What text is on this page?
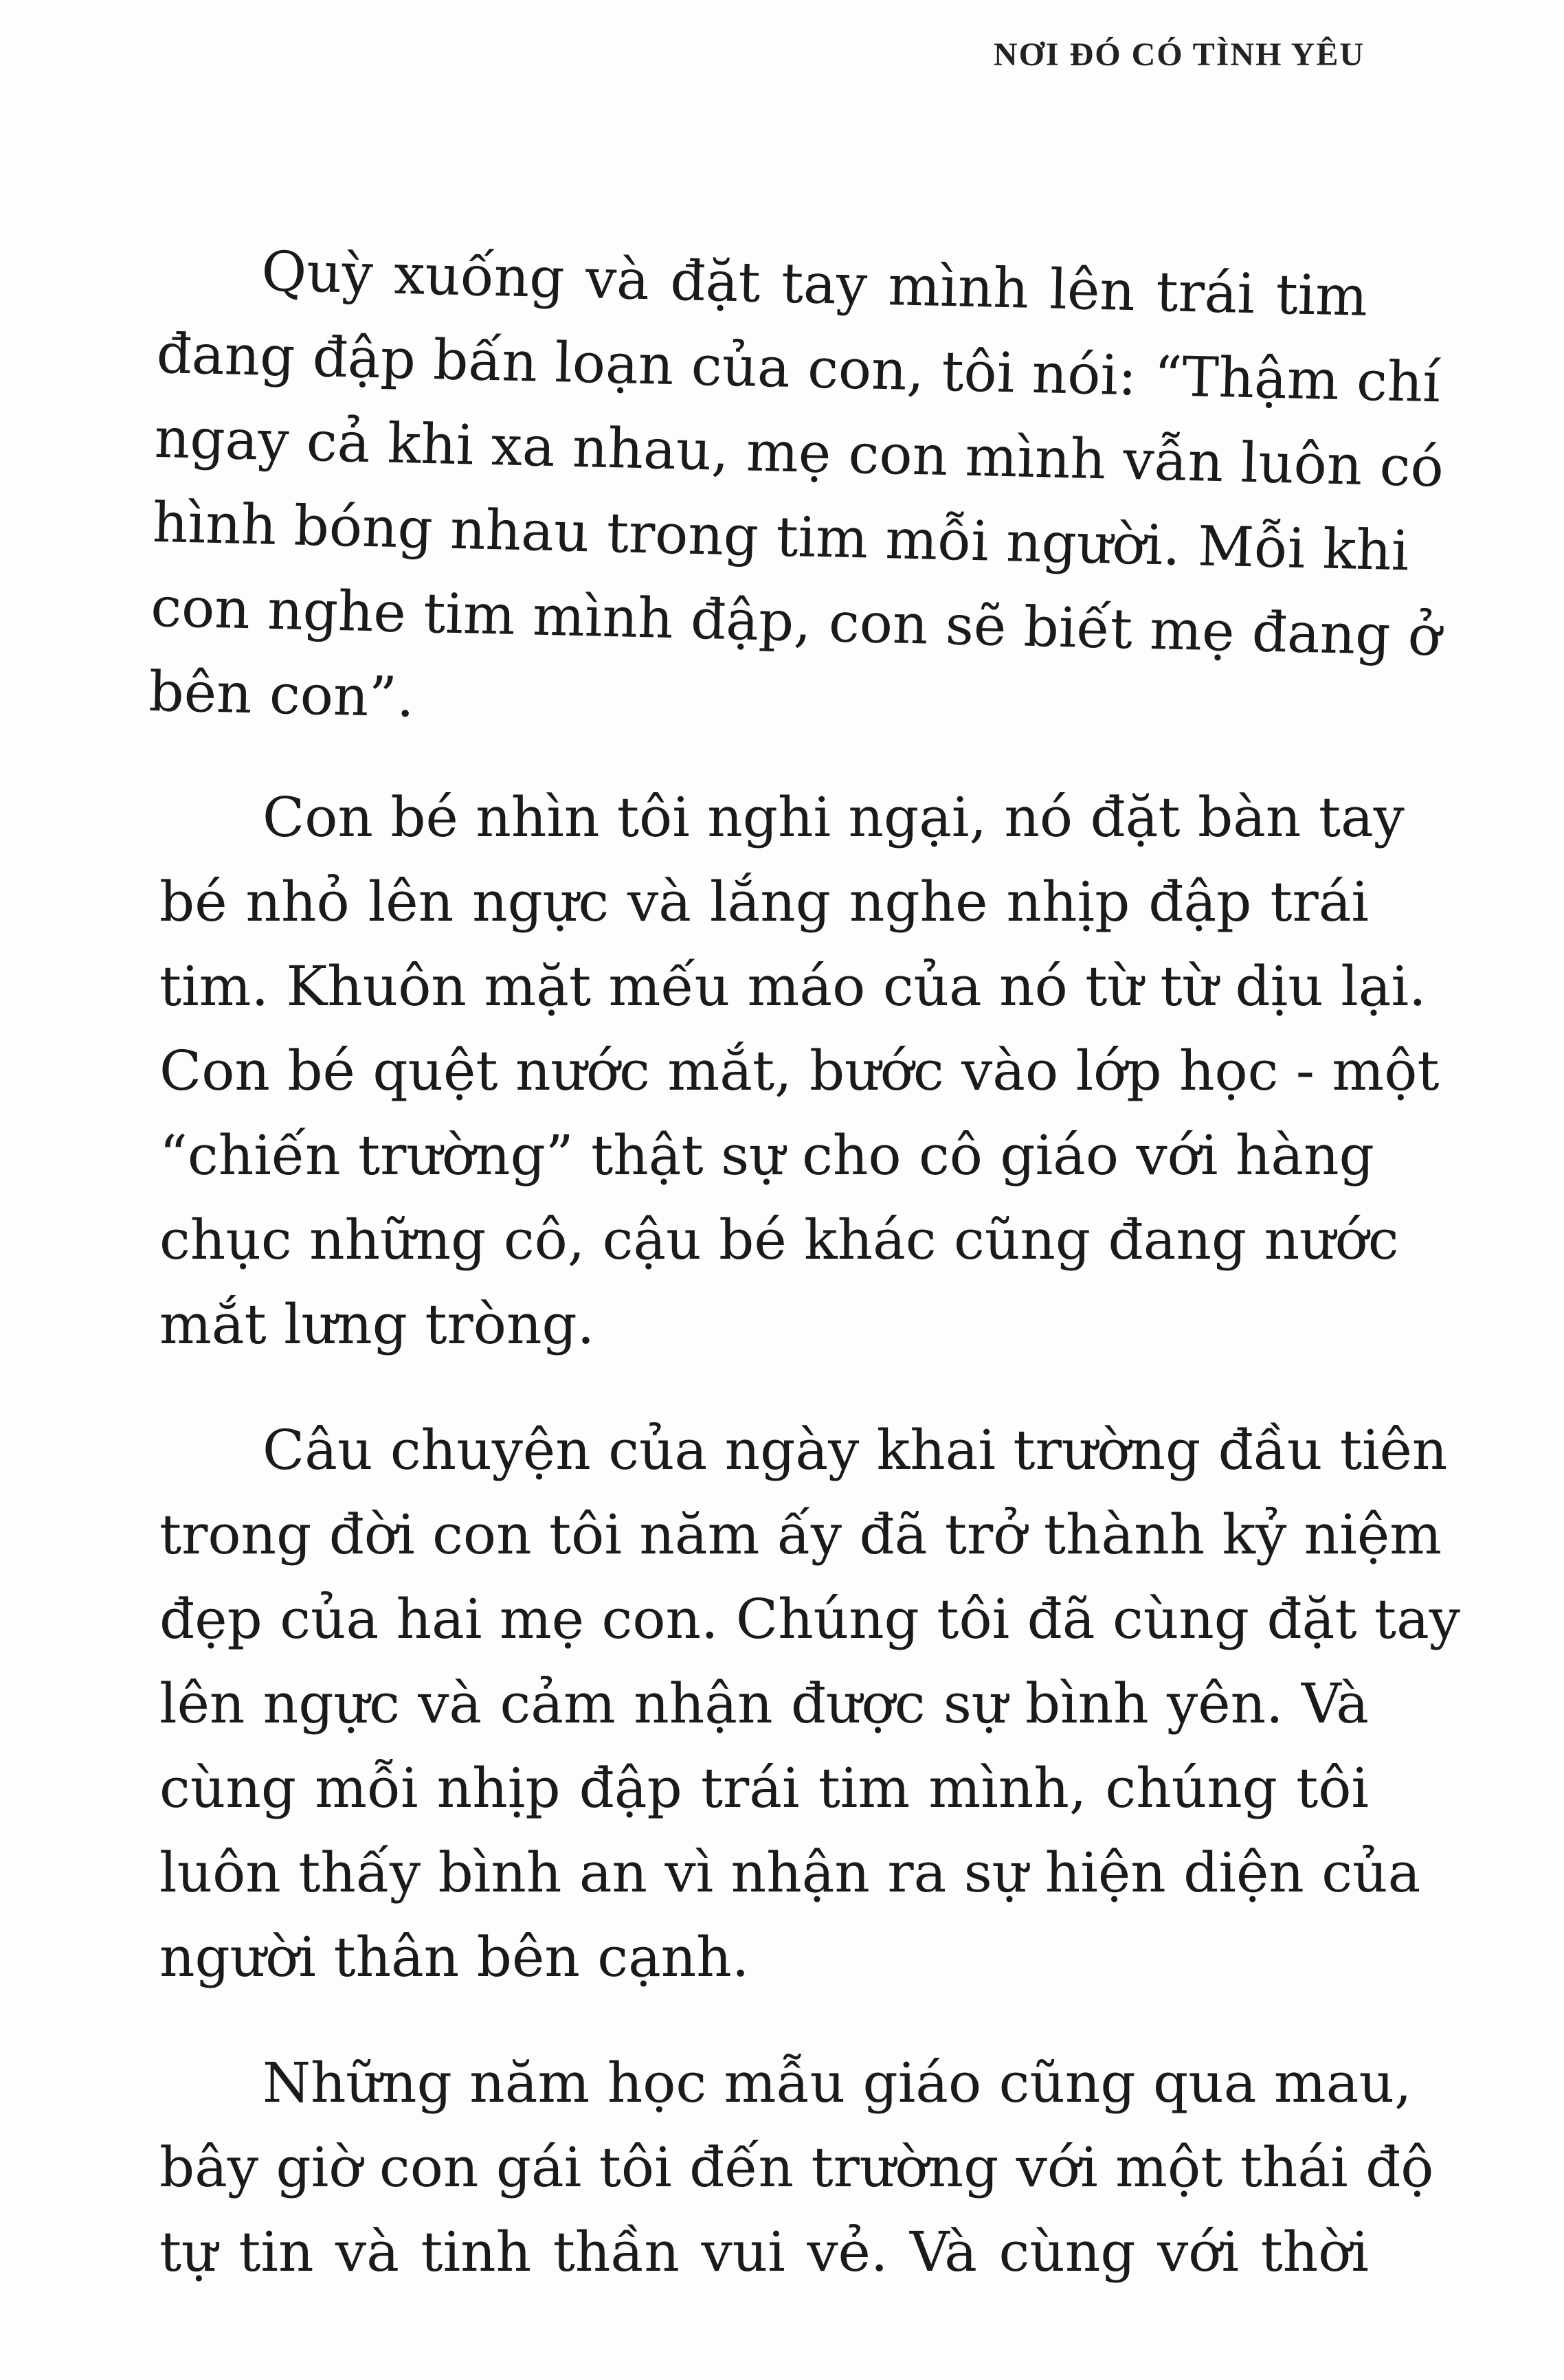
NƠI ĐÓ CÓ TÌNH YÊU
Quỳ xuống và đặt tay mình lên trái tim
đang đập bấn loạn của con, tôi nói: “Thậm chí
ngay cả khi xa nhau, mẹ con mình vẫn luôn có
hình bóng nhau trong tim mỗi người. Mỗi khi
con nghe tim mình đập, con sẽ biết mẹ đang ở
bên con”.
Con bé nhìn tôi nghi ngại, nó đặt bàn tay
bé nhỏ lên ngực và lắng nghe nhịp đập trái
tim. Khuôn mặt mếu máo của nó từ từ dịu lại.
Con bé quệt nước mắt, bước vào lớp học - một
“chiến trường” thật sự cho cô giáo với hàng
chục những cô, cậu bé khác cũng đang nước
mắt lưng tròng.
Câu chuyện của ngày khai trường đầu tiên
trong đời con tôi năm ấy đã trở thành kỷ niệm
đẹp của hai mẹ con. Chúng tôi đã cùng đặt tay
lên ngực và cảm nhận được sự bình yên. Và
cùng mỗi nhịp đập trái tim mình, chúng tôi
luôn thấy bình an vì nhận ra sự hiện diện của
người thân bên cạnh.
Những năm học mẫu giáo cũng qua mau,
bây giờ con gái tôi đến trường với một thái độ
tự tin và tinh thần vui vẻ. Và cùng với thời
